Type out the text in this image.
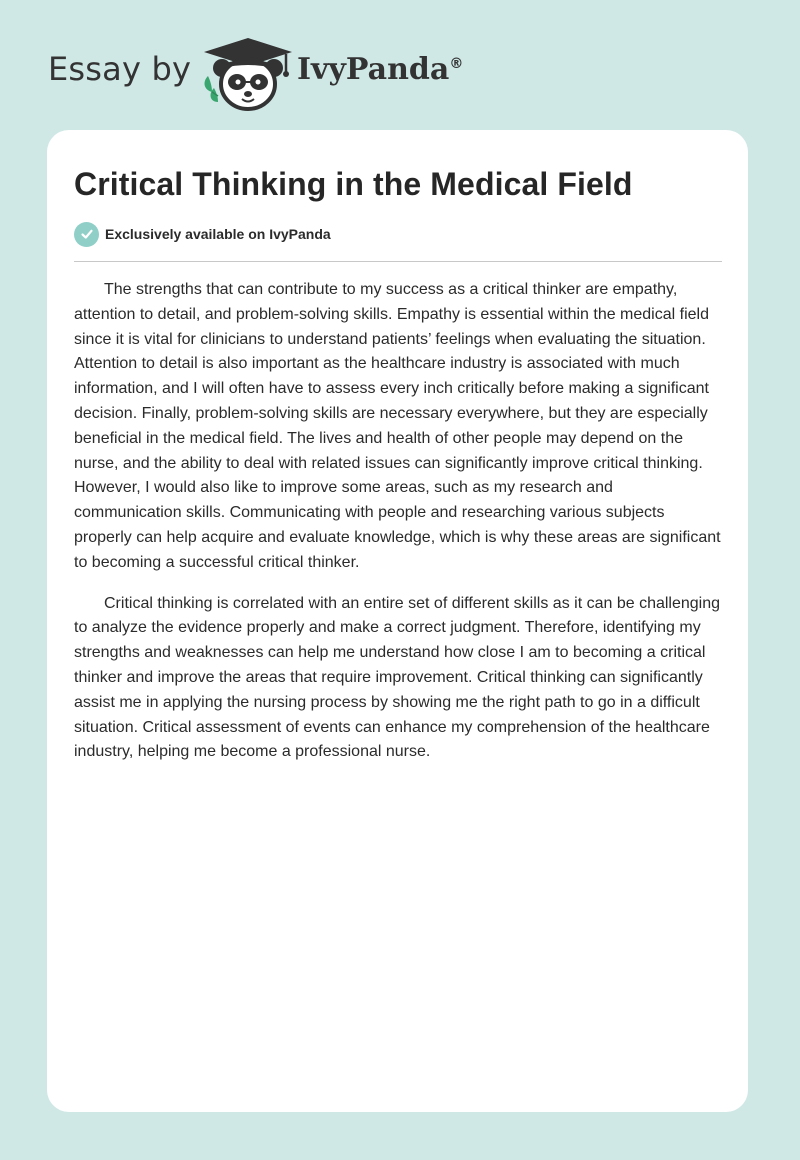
Essay by	IvyPanda®
Critical Thinking in the Medical Field
Exclusively available on IvyPanda

The strengths that can contribute to my success as a critical thinker are empathy, attention to detail, and problem-solving skills. Empathy is essential within the medical field since it is vital for clinicians to understand patients’ feelings when evaluating the situation. Attention to detail is also important as the healthcare industry is associated with much information, and I will often have to assess every inch critically before making a significant decision. Finally, problem-solving skills are necessary everywhere, but they are especially beneficial in the medical field. The lives and health of other people may depend on the nurse, and the ability to deal with related issues can significantly improve critical thinking. However, I would also like to improve some areas, such as my research and communication skills. Communicating with people and researching various subjects properly can help acquire and evaluate knowledge, which is why these areas are significant to becoming a successful critical thinker.

Critical thinking is correlated with an entire set of different skills as it can be challenging to analyze the evidence properly and make a correct judgment. Therefore, identifying my strengths and weaknesses can help me understand how close I am to becoming a critical thinker and improve the areas that require improvement. Critical thinking can significantly assist me in applying the nursing process by showing me the right path to go in a difficult situation. Critical assessment of events can enhance my comprehension of the healthcare industry, helping me become a professional nurse.
